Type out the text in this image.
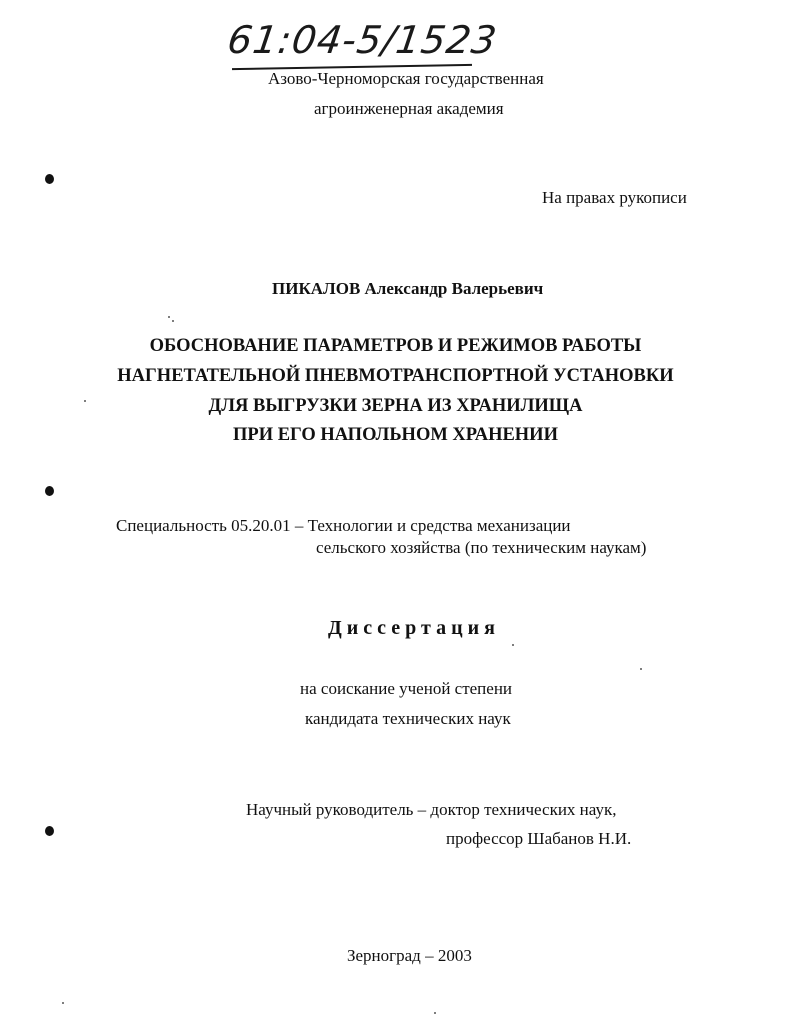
61:04-5/1523
Азово-Черноморская государственная
агроинженерная академия
На правах рукописи
ПИКАЛОВ Александр Валерьевич
ОБОСНОВАНИЕ ПАРАМЕТРОВ И РЕЖИМОВ РАБОТЫ
НАГНЕТАТЕЛЬНОЙ ПНЕВМОТРАНСПОРТНОЙ УСТАНОВКИ
ДЛЯ ВЫГРУЗКИ ЗЕРНА ИЗ ХРАНИЛИЩА
ПРИ ЕГО НАПОЛЬНОМ ХРАНЕНИИ
Специальность 05.20.01 – Технологии и средства механизации
сельского хозяйства (по техническим наукам)
Диссертация
на соискание ученой степени
кандидата технических наук
Научный руководитель – доктор технических наук,
профессор Шабанов Н.И.
Зерноград – 2003
